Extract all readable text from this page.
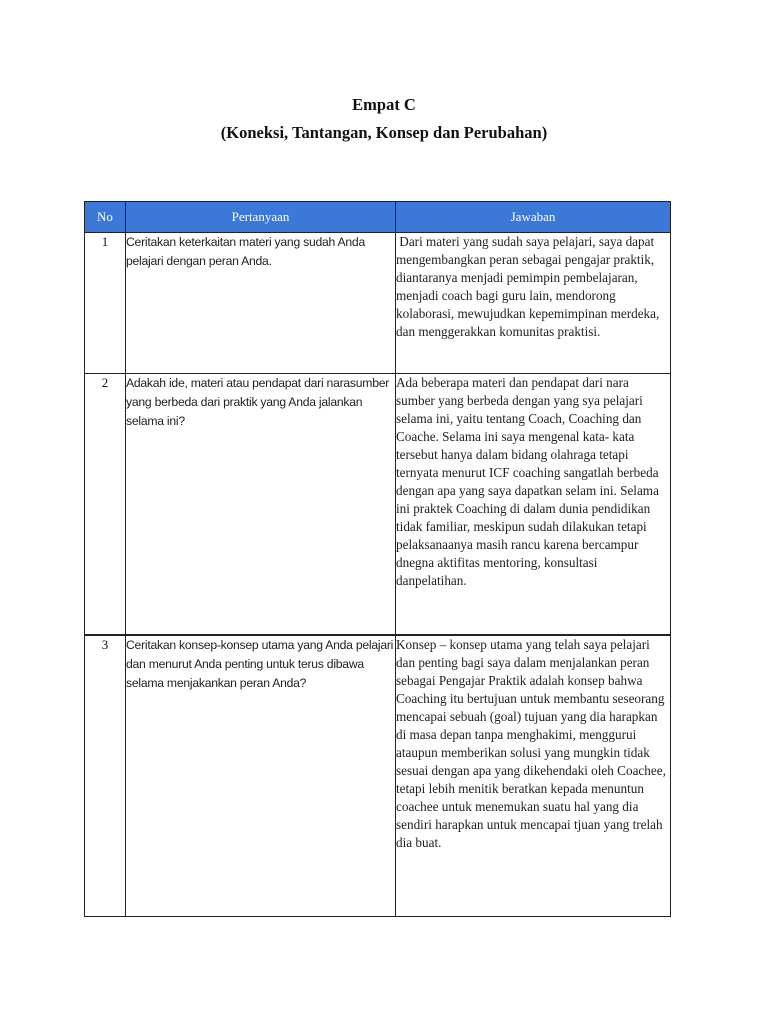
Empat C
(Koneksi, Tantangan, Konsep dan Perubahan)
No	Pertanyaan	Jawaban
1	Ceritakan keterkaitan materi yang sudah Anda pelajari dengan peran Anda.	Dari materi yang sudah saya pelajari, saya dapat mengembangkan peran sebagai pengajar praktik, diantaranya menjadi pemimpin pembelajaran, menjadi coach bagi guru lain, mendorong kolaborasi, mewujudkan kepemimpinan merdeka, dan menggerakkan komunitas praktisi.
2	Adakah ide, materi atau pendapat dari narasumber yang berbeda dari praktik yang Anda jalankan selama ini?	Ada beberapa materi dan pendapat dari nara sumber yang berbeda dengan yang sya pelajari selama ini, yaitu tentang Coach, Coaching dan Coache. Selama ini saya mengenal kata- kata tersebut hanya dalam bidang olahraga tetapi ternyata menurut ICF coaching sangatlah berbeda dengan apa yang saya dapatkan selam ini. Selama ini praktek Coaching di dalam dunia pendidikan tidak familiar, meskipun sudah dilakukan tetapi pelaksanaanya masih rancu karena bercampur dnegna aktifitas mentoring, konsultasi danpelatihan.
3	Ceritakan konsep-konsep utama yang Anda pelajari dan menurut Anda penting untuk terus dibawa selama menjakankan peran Anda?	Konsep – konsep utama yang telah saya pelajari dan penting bagi saya dalam menjalankan peran sebagai Pengajar Praktik adalah konsep bahwa Coaching itu bertujuan untuk membantu seseorang mencapai sebuah (goal) tujuan yang dia harapkan di masa depan tanpa menghakimi, menggurui ataupun memberikan solusi yang mungkin tidak sesuai dengan apa yang dikehendaki oleh Coachee, tetapi lebih menitik beratkan kepada menuntun coachee untuk menemukan suatu hal yang dia sendiri harapkan untuk mencapai tjuan yang trelah dia buat.
